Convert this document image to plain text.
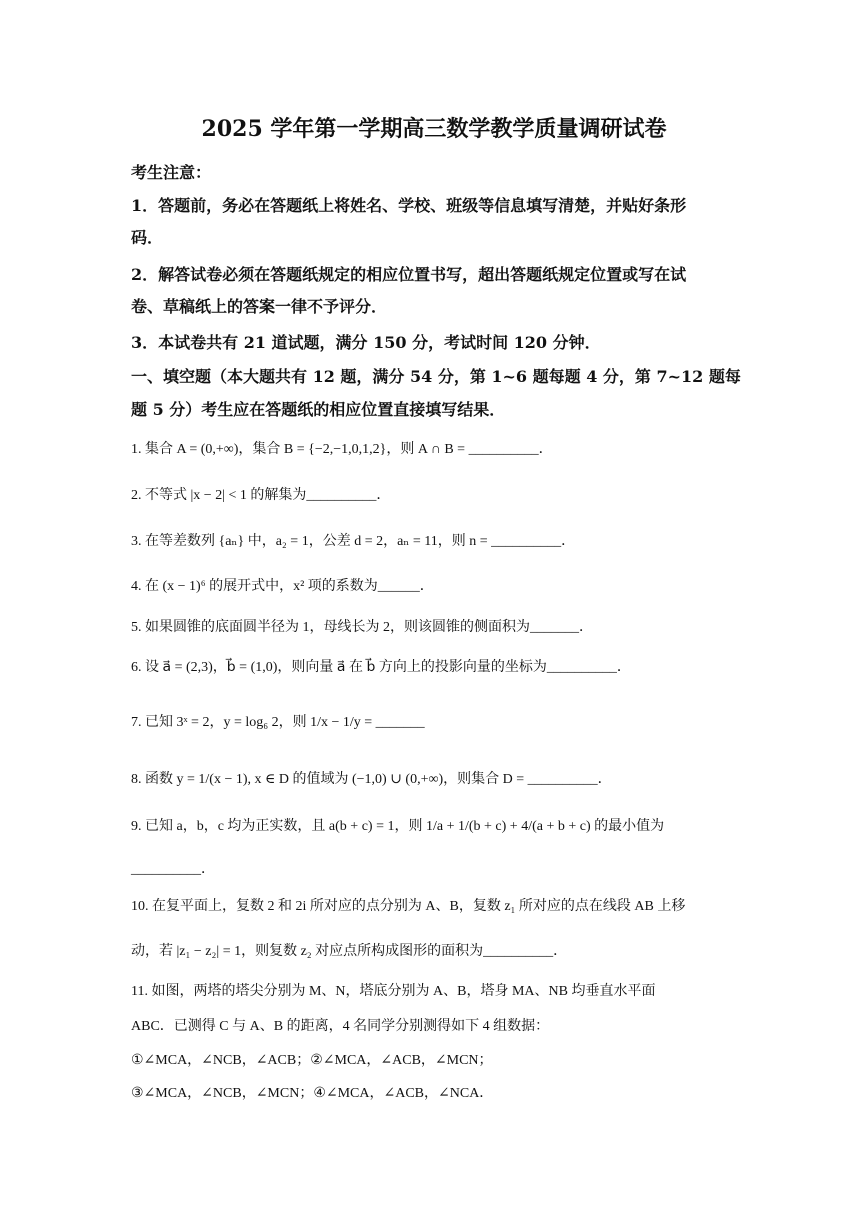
2025 学年第一学期高三数学教学质量调研试卷
考生注意：
1．答题前，务必在答题纸上将姓名、学校、班级等信息填写清楚，并贴好条形
码．
2．解答试卷必须在答题纸规定的相应位置书写，超出答题纸规定位置或写在试
卷、草稿纸上的答案一律不予评分．
3．本试卷共有 21 道试题，满分 150 分，考试时间 120 分钟．
一、填空题（本大题共有 12 题，满分 54 分，第 1~6 题每题 4 分，第 7~12 题每
题 5 分）考生应在答题纸的相应位置直接填写结果．
1. 集合 A = (0,+∞)，集合 B = {−2,−1,0,1,2}，则 A ∩ B = __________．
2. 不等式 |x − 2| < 1 的解集为__________．
3. 在等差数列 {aₙ} 中，a₂ = 1，公差 d = 2，aₙ = 11，则 n = __________．
4. 在 (x − 1)⁶ 的展开式中，x² 项的系数为______．
5. 如果圆锥的底面圆半径为 1，母线长为 2，则该圆锥的侧面积为_______．
6. 设 a⃗ = (2,3)，b⃗ = (1,0)，则向量 a⃗ 在 b⃗ 方向上的投影向量的坐标为__________．
7. 已知 3ˣ = 2，y = log₆ 2，则 1/x − 1/y = _______
8. 函数 y = 1/(x − 1), x ∈ D 的值域为 (−1,0) ∪ (0,+∞)，则集合 D = __________．
9. 已知 a，b，c 均为正实数，且 a(b + c) = 1，则 1/a + 1/(b + c) + 4/(a + b + c) 的最小值为
__________．
10. 在复平面上，复数 2 和 2i 所对应的点分别为 A、B，复数 z₁ 所对应的点在线段 AB 上移
动，若 |z₁ − z₂| = 1，则复数 z₂ 对应点所构成图形的面积为__________．
11. 如图，两塔的塔尖分别为 M、N，塔底分别为 A、B，塔身 MA、NB 均垂直水平面
ABC．已测得 C 与 A、B 的距离，4 名同学分别测得如下 4 组数据：
①∠MCA，∠NCB，∠ACB；②∠MCA，∠ACB，∠MCN；
③∠MCA，∠NCB，∠MCN；④∠MCA，∠ACB，∠NCA．
